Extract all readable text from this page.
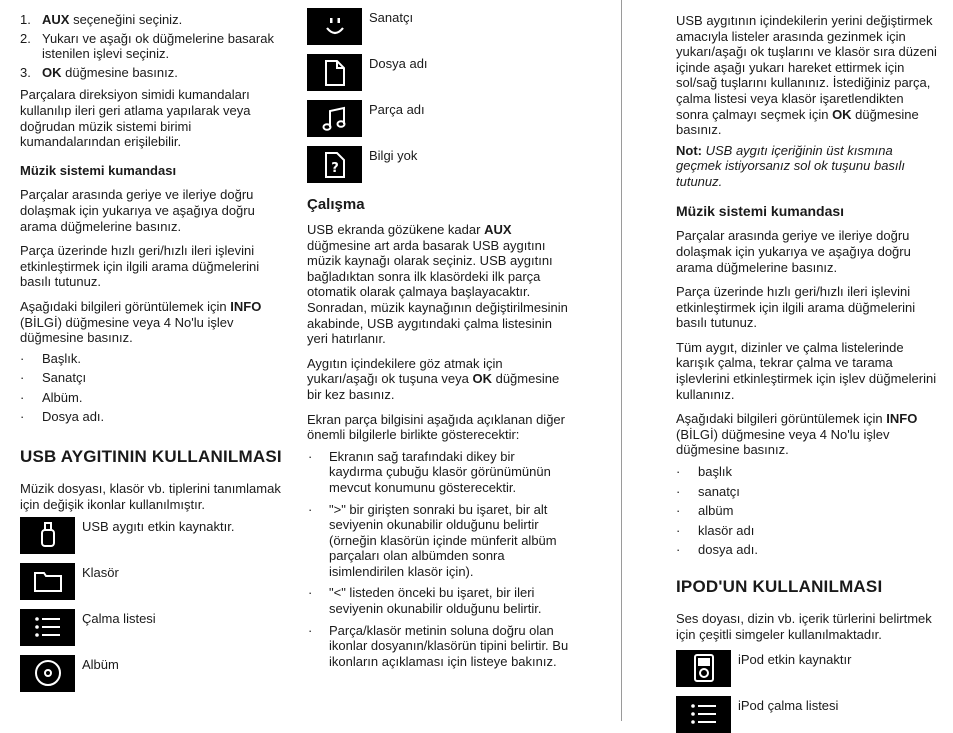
1. AUX seçeneğini seçiniz.
2. Yukarı ve aşağı ok düğmelerine basarak istenilen işlevi seçiniz.
3. OK düğmesine basınız.

Parçalara direksiyon simidi kumandaları kullanılıp ileri geri atlama yapılarak veya doğrudan müzik sistemi birimi kumandalarından erişilebilir.

Müzik sistemi kumandası

Parçalar arasında geriye ve ileriye doğru dolaşmak için yukarıya ve aşağıya doğru arama düğmelerine basınız.

Parça üzerinde hızlı geri/hızlı ileri işlevini etkinleştirmek için ilgili arama düğmelerini basılı tutunuz.

Aşağıdaki bilgileri görüntülemek için INFO (BİLGİ) düğmesine veya 4 No'lu işlev düğmesine basınız.

· Başlık.
· Sanatçı
· Albüm.
· Dosya adı.

USB AYGITININ KULLANILMASI

Müzik dosyası, klasör vb. tiplerini tanımlamak için değişik ikonlar kullanılmıştır.

USB aygıtı etkin kaynaktır.
Klasör
Çalma listesi
Albüm
Sanatçı
Dosya adı
Parça adı
?
Bilgi yok

Çalışma

USB ekranda gözükene kadar AUX düğmesine art arda basarak USB aygıtını müzik kaynağı olarak seçiniz. USB aygıtını bağladıktan sonra ilk klasördeki ilk parça otomatik olarak çalmaya başlayacaktır. Sonradan, müzik kaynağının değiştirilmesinin akabinde, USB aygıtındaki çalma listesinin yeri hatırlanır.

Aygıtın içindekilere göz atmak için yukarı/aşağı ok tuşuna veya OK düğmesine bir kez basınız.

Ekran parça bilgisini aşağıda açıklanan diğer önemli bilgilerle birlikte gösterecektir:

· Ekranın sağ tarafındaki dikey bir kaydırma çubuğu klasör görünümünün mevcut konumunu gösterecektir.
· ">" bir girişten sonraki bu işaret, bir alt seviyenin okunabilir olduğunu belirtir (örneğin klasörün içinde münferit albüm parçaları olan albümden sonra isimlendirilen klasör için).
· "<" listeden önceki bu işaret, bir ileri seviyenin okunabilir olduğunu belirtir.
· Parça/klasör metinin soluna doğru olan ikonlar dosyanın/klasörün tipini belirtir. Bu ikonların açıklaması için listeye bakınız.

USB aygıtının içindekilerin yerini değiştirmek amacıyla listeler arasında gezinmek için yukarı/aşağı ok tuşlarını ve klasör sıra düzeni içinde aşağı yukarı hareket ettirmek için sol/sağ tuşlarını kullanınız. İstediğiniz parça, çalma listesi veya klasör işaretlendikten sonra çalmayı seçmek için OK düğmesine basınız.

Not: USB aygıtı içeriğinin üst kısmına geçmek istiyorsanız sol ok tuşunu basılı tutunuz.

Müzik sistemi kumandası

Parçalar arasında geriye ve ileriye doğru dolaşmak için yukarıya ve aşağıya doğru arama düğmelerine basınız.

Parça üzerinde hızlı geri/hızlı ileri işlevini etkinleştirmek için ilgili arama düğmelerini basılı tutunuz.

Tüm aygıt, dizinler ve çalma listelerinde karışık çalma, tekrar çalma ve tarama işlevlerini etkinleştirmek için işlev düğmelerini kullanınız.

Aşağıdaki bilgileri görüntülemek için INFO (BİLGİ) düğmesine veya 4 No'lu işlev düğmesine basınız.

· başlık
· sanatçı
· albüm
· klasör adı
· dosya adı.

IPOD'UN KULLANILMASI

Ses doyası, dizin vb. içerik türlerini belirtmek için çeşitli simgeler kullanılmaktadır.

iPod etkin kaynaktır
iPod çalma listesi
